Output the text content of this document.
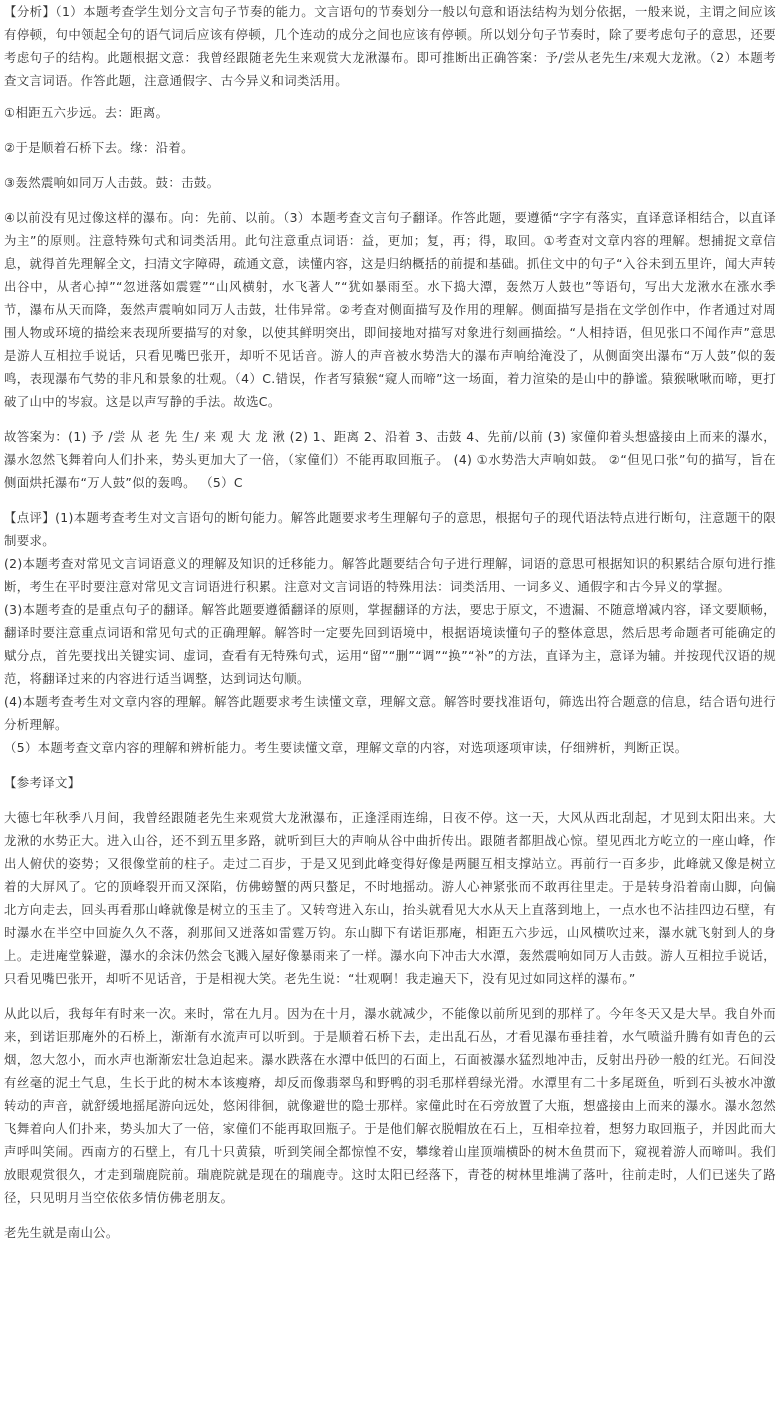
【分析】（1）本题考查学生划分文言句子节奏的能力。文言语句的节奏划分一般以句意和语法结构为划分依据，一般来说，主谓之间应该有停顿，句中领起全句的语气词后应该有停顿，几个连动的成分之间也应该有停顿。所以划分句子节奏时，除了要考虑句子的意思，还要考虑句子的结构。此题根据文意：我曾经跟随老先生来观赏大龙湫瀑布。即可推断出正确答案：予/尝从老先生/来观大龙湫。（2）本题考查文言词语。作答此题，注意通假字、古今异义和词类活用。

①相距五六步远。去：距离。

②于是顺着石桥下去。缘：沿着。

③轰然震响如同万人击鼓。鼓：击鼓。

④以前没有见过像这样的瀑布。向：先前、以前。（3）本题考查文言句子翻译。作答此题，要遵循“字字有落实，直译意译相结合，以直译为主”的原则。注意特殊句式和词类活用。此句注意重点词语：益，更加；复，再；得，取回。①考查对文章内容的理解。想捕捉文章信息，就得首先理解全文，扫清文字障碍，疏通文意，读懂内容，这是归纳概括的前提和基础。抓住文中的句子“入谷未到五里许，闻大声转出谷中，从者心掉”“忽迸落如震霆”“山风横射，水飞著人”“犹如暴雨至。水下捣大潭，轰然万人鼓也”等语句，写出大龙湫水在涨水季节，瀑布从天而降，轰然声震响如同万人击鼓，壮伟异常。②考查对侧面描写及作用的理解。侧面描写是指在文学创作中，作者通过对周围人物或环境的描绘来表现所要描写的对象，以使其鲜明突出，即间接地对描写对象进行刻画描绘。“人相持语，但见张口不闻作声”意思是游人互相拉手说话，只看见嘴巴张开，却听不见话音。游人的声音被水势浩大的瀑布声响给淹没了，从侧面突出瀑布“万人鼓”似的轰鸣，表现瀑布气势的非凡和景象的壮观。（4）C.错误，作者写猿猴“窥人而啼”这一场面，着力渲染的是山中的静谧。猿猴啾啾而啼，更打破了山中的岑寂。这是以声写静的手法。故选C。

故答案为：(1) 予 /尝 从 老 先 生/ 来 观 大 龙 湫 (2) 1、距离 2、沿着 3、击鼓 4、先前/以前 (3) 家僮仰着头想盛接由上而来的瀑水，瀑水忽然飞舞着向人们扑来，势头更加大了一倍，（家僮们）不能再取回瓶子。 (4) ①水势浩大声响如鼓。 ②“但见口张”句的描写，旨在侧面烘托瀑布“万人鼓”似的轰鸣。 （5）C

【点评】(1)本题考查考生对文言语句的断句能力。解答此题要求考生理解句子的意思，根据句子的现代语法特点进行断句，注意题干的限制要求。

(2)本题考查对常见文言词语意义的理解及知识的迁移能力。解答此题要结合句子进行理解，词语的意思可根据知识的积累结合原句进行推断，考生在平时要注意对常见文言词语进行积累。注意对文言词语的特殊用法：词类活用、一词多义、通假字和古今异义的掌握。

(3)本题考查的是重点句子的翻译。解答此题要遵循翻译的原则，掌握翻译的方法，要忠于原文，不遗漏、不随意增减内容，译文要顺畅，翻译时要注意重点词语和常见句式的正确理解。解答时一定要先回到语境中，根据语境读懂句子的整体意思，然后思考命题者可能确定的赋分点，首先要找出关键实词、虚词，查看有无特殊句式，运用“留”“删”“调”“换”“补”的方法，直译为主，意译为辅。并按现代汉语的规范，将翻译过来的内容进行适当调整，达到词达句顺。

(4)本题考查考生对文章内容的理解。解答此题要求考生读懂文章，理解文意。解答时要找准语句，筛选出符合题意的信息，结合语句进行分析理解。

（5）本题考查文章内容的理解和辨析能力。考生要读懂文章，理解文章的内容，对选项逐项审读，仔细辨析，判断正误。

【参考译文】

大德七年秋季八月间，我曾经跟随老先生来观赏大龙湫瀑布，正逢淫雨连绵，日夜不停。这一天，大风从西北刮起，才见到太阳出来。大龙湫的水势正大。进入山谷，还不到五里多路，就听到巨大的声响从谷中曲折传出。跟随者都胆战心惊。望见西北方屹立的一座山峰，作出人俯伏的姿势；又很像堂前的柱子。走过二百步，于是又见到此峰变得好像是两腿互相支撑站立。再前行一百多步，此峰就又像是树立着的大屏风了。它的顶峰裂开而又深陷，仿佛螃蟹的两只螯足，不时地摇动。游人心神紧张而不敢再往里走。于是转身沿着南山脚，向偏北方向走去，回头再看那山峰就像是树立的玉圭了。又转弯进入东山，抬头就看见大水从天上直落到地上，一点水也不沾挂四边石壁，有时瀑水在半空中回旋久久不落，刹那间又迸落如雷霆万钧。东山脚下有诺讵那庵，相距五六步远，山风横吹过来，瀑水就飞射到人的身上。走进庵堂躲避，瀑水的余沫仍然会飞溅入屋好像暴雨来了一样。瀑水向下冲击大水潭，轰然震响如同万人击鼓。游人互相拉手说话，只看见嘴巴张开，却听不见话音，于是相视大笑。老先生说：“壮观啊！我走遍天下，没有见过如同这样的瀑布。”

从此以后，我每年有时来一次。来时，常在九月。因为在十月，瀑水就减少，不能像以前所见到的那样了。今年冬天又是大旱。我自外而来，到诺讵那庵外的石桥上，渐渐有水流声可以听到。于是顺着石桥下去，走出乱石丛，才看见瀑布垂挂着，水气喷溢升腾有如青色的云烟，忽大忽小，而水声也渐渐宏壮急迫起来。瀑水跌落在水潭中低凹的石面上，石面被瀑水猛烈地冲击，反射出丹砂一般的红光。石间没有丝毫的泥土气息，生长于此的树木本该瘦瘠，却反而像翡翠鸟和野鸭的羽毛那样碧绿光滑。水潭里有二十多尾斑鱼，听到石头被水冲激转动的声音，就舒缓地摇尾游向远处，悠闲徘徊，就像避世的隐士那样。家僮此时在石旁放置了大瓶，想盛接由上而来的瀑水。瀑水忽然飞舞着向人们扑来，势头加大了一倍，家僮们不能再取回瓶子。于是他们解衣脱帽放在石上，互相牵拉着，想努力取回瓶子，并因此而大声呼叫笑闹。西南方的石壁上，有几十只黄猿，听到笑闹全都惊惶不安，攀缘着山崖顶端横卧的树木鱼贯而下，窥视着游人而啼叫。我们放眼观赏很久，才走到瑞鹿院前。瑞鹿院就是现在的瑞鹿寺。这时太阳已经落下，青苍的树林里堆满了落叶，往前走时，人们已迷失了路径，只见明月当空依依多情仿佛老朋友。

老先生就是南山公。
